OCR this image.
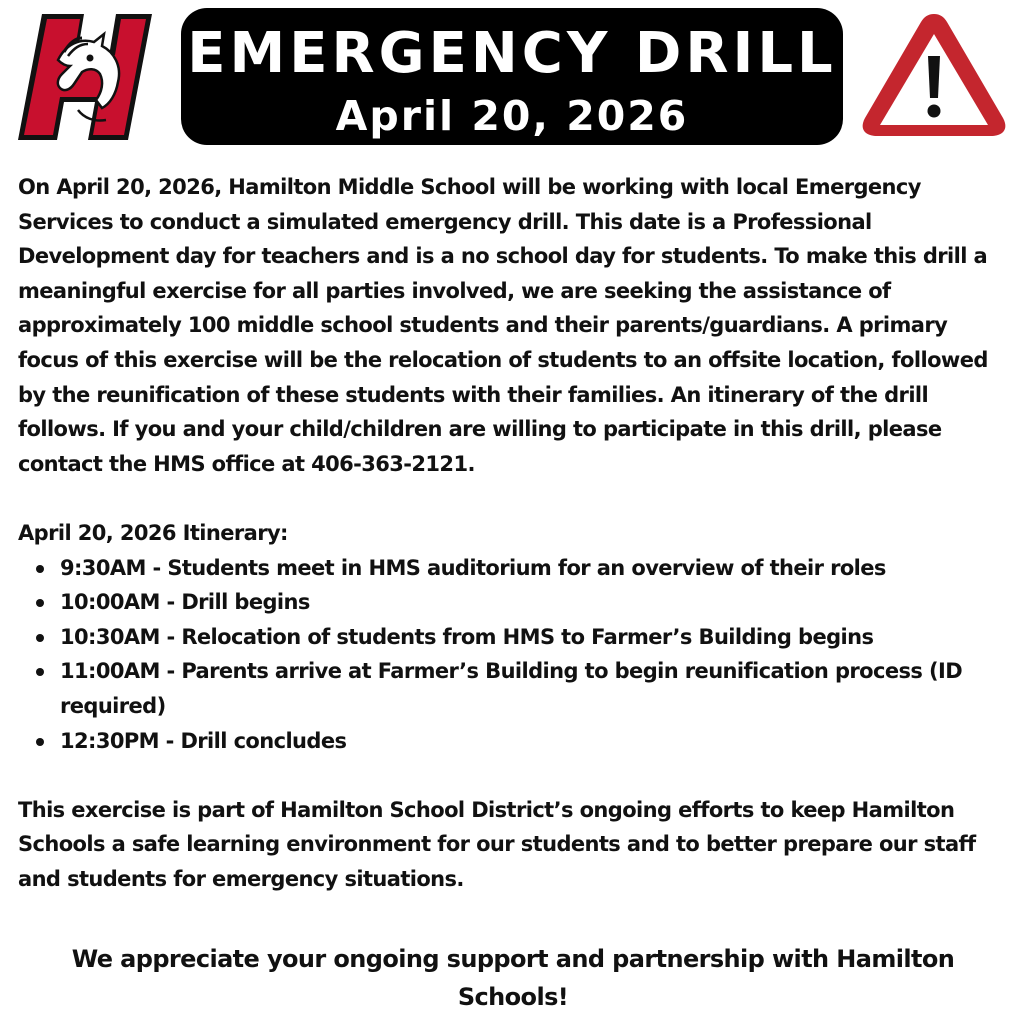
EMERGENCY DRILL
April 20, 2026

On April 20, 2026, Hamilton Middle School will be working with local Emergency Services to conduct a simulated emergency drill. This date is a Professional Development day for teachers and is a no school day for students. To make this drill a meaningful exercise for all parties involved, we are seeking the assistance of approximately 100 middle school students and their parents/guardians. A primary focus of this exercise will be the relocation of students to an offsite location, followed by the reunification of these students with their families. An itinerary of the drill follows. If you and your child/children are willing to participate in this drill, please contact the HMS office at 406-363-2121.

April 20, 2026 Itinerary:

9:30AM - Students meet in HMS auditorium for an overview of their roles
10:00AM - Drill begins
10:30AM - Relocation of students from HMS to Farmer’s Building begins
11:00AM - Parents arrive at Farmer’s Building to begin reunification process (ID required)
12:30PM - Drill concludes

This exercise is part of Hamilton School District’s ongoing efforts to keep Hamilton Schools a safe learning environment for our students and to better prepare our staff and students for emergency situations.

We appreciate your ongoing support and partnership with Hamilton Schools!
